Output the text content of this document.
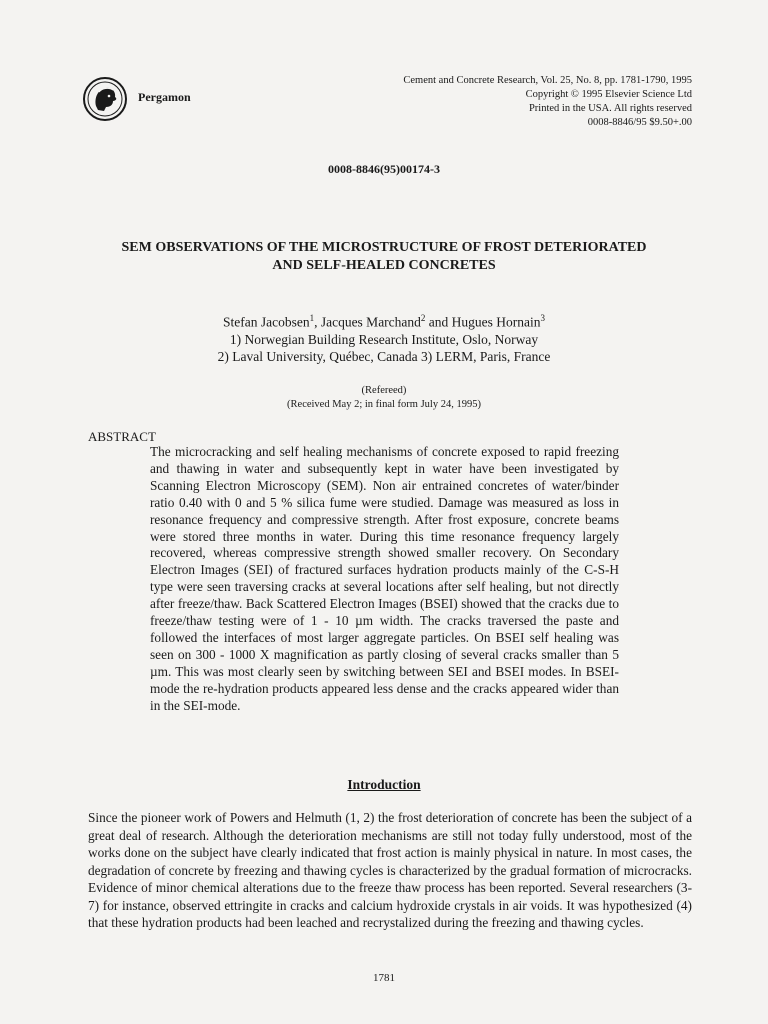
Pergamon
Cement and Concrete Research, Vol. 25, No. 8, pp. 1781-1790, 1995
Copyright © 1995 Elsevier Science Ltd
Printed in the USA. All rights reserved
0008-8846/95 $9.50+.00
0008-8846(95)00174-3
SEM OBSERVATIONS OF THE MICROSTRUCTURE OF FROST DETERIORATED
AND SELF-HEALED CONCRETES
Stefan Jacobsen$^1$, Jacques Marchand$^2$ and Hugues Hornain$^3$
1) Norwegian Building Research Institute, Oslo, Norway
2) Laval University, Québec, Canada 3) LERM, Paris, France
(Refereed)
(Received May 2; in final form July 24, 1995)
ABSTRACT
The microcracking and self healing mechanisms of concrete exposed to rapid freezing and thawing in water and subsequently kept in water have been investigated by Scanning Electron Microscopy (SEM). Non air entrained concretes of water/binder ratio 0.40 with 0 and 5 % silica fume were studied. Damage was measured as loss in resonance frequency and compressive strength. After frost exposure, concrete beams were stored three months in water. During this time resonance frequency largely recovered, whereas compressive strength showed smaller recovery. On Secondary Electron Images (SEI) of fractured surfaces hydration products mainly of the C-S-H type were seen traversing cracks at several locations after self healing, but not directly after freeze/thaw. Back Scattered Electron Images (BSEI) showed that the cracks due to freeze/thaw testing were of 1 - 10 µm width. The cracks traversed the paste and followed the interfaces of most larger aggregate particles. On BSEI self healing was seen on 300 - 1000 X magnification as partly closing of several cracks smaller than 5 µm. This was most clearly seen by switching between SEI and BSEI modes. In BSEI-mode the re-hydration products appeared less dense and the cracks appeared wider than in the SEI-mode.
Introduction
Since the pioneer work of Powers and Helmuth (1, 2) the frost deterioration of concrete has been the subject of a great deal of research. Although the deterioration mechanisms are still not today fully understood, most of the works done on the subject have clearly indicated that frost action is mainly physical in nature. In most cases, the degradation of concrete by freezing and thawing cycles is characterized by the gradual formation of microcracks. Evidence of minor chemical alterations due to the freeze thaw process has been reported. Several researchers (3-7) for instance, observed ettringite in cracks and calcium hydroxide crystals in air voids. It was hypothesized (4) that these hydration products had been leached and recrystalized during the freezing and thawing cycles.
1781
